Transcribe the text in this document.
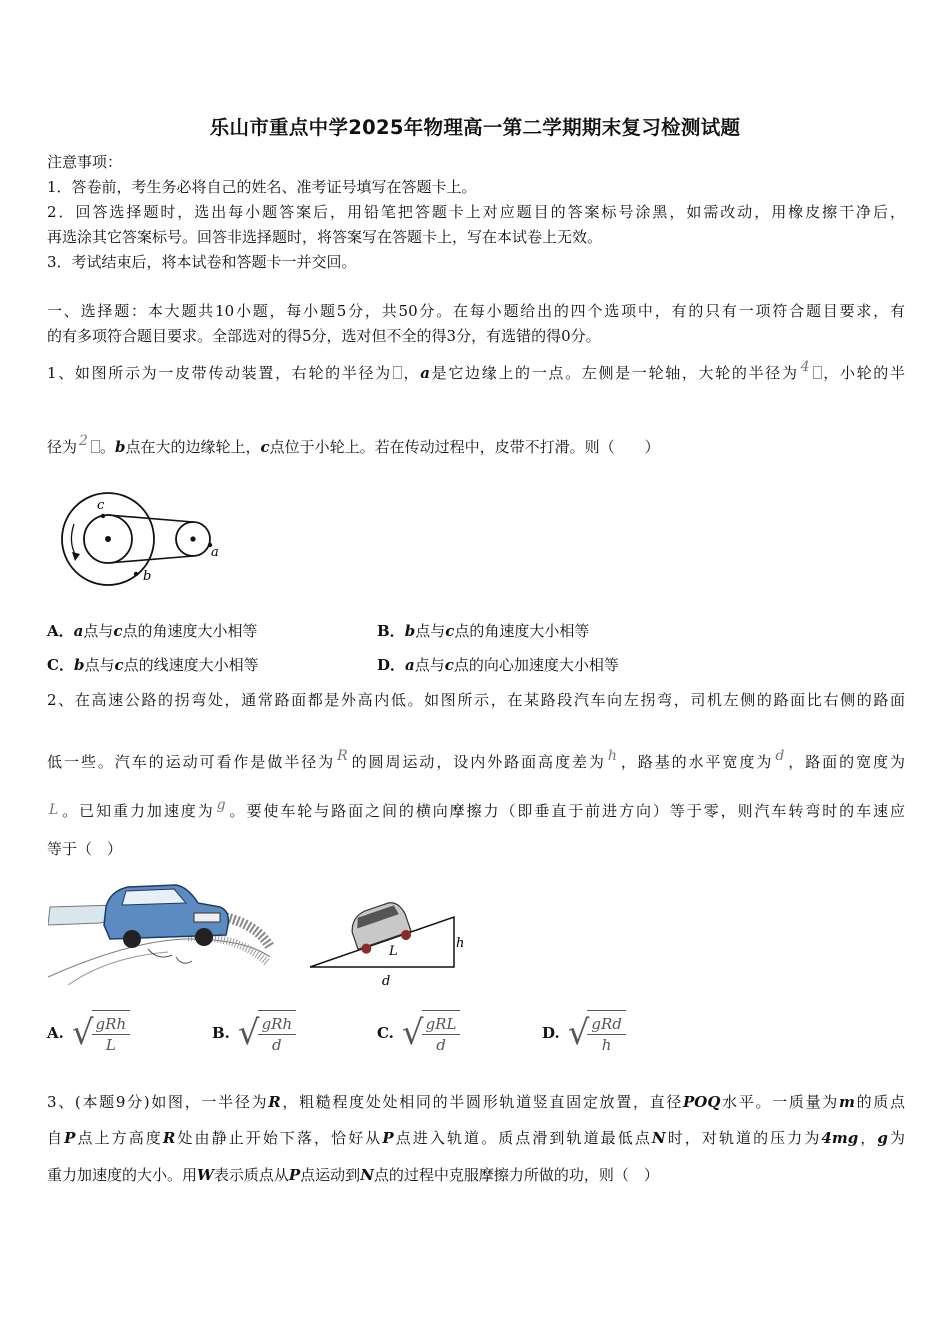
乐山市重点中学2025年物理高一第二学期期末复习检测试题
注意事项：
1．答卷前，考生务必将自己的姓名、准考证号填写在答题卡上。
2．回答选择题时，选出每小题答案后，用铅笔把答题卡上对应题目的答案标号涂黑，如需改动，用橡皮擦干净后，
再选涂其它答案标号。回答非选择题时，将答案写在答题卡上，写在本试卷上无效。
3．考试结束后，将本试卷和答题卡一并交回。
一、选择题：本大题共10小题，每小题5分，共50分。在每小题给出的四个选项中，有的只有一项符合题目要求，有
的有多项符合题目要求。全部选对的得5分，选对但不全的得3分，有选错的得0分。
1、如图所示为一皮带传动装置，右轮的半径为 ，a是它边缘上的一点。左侧是一轮轴，大轮的半径为 4 ，小轮的半
径为 2 。b点在大的边缘轮上，c点位于小轮上。若在传动过程中，皮带不打滑。则（　　）
c
b
a
A．a点与c点的角速度大小相等	B．b点与c点的角速度大小相等
C．b点与c点的线速度大小相等	D．a点与c点的向心加速度大小相等
2、在高速公路的拐弯处，通常路面都是外高内低。如图所示，在某路段汽车向左拐弯，司机左侧的路面比右侧的路面
低一些。汽车的运动可看作是做半径为 R 的圆周运动，设内外路面高度差为 h ，路基的水平宽度为 d ，路面的宽度为
L 。已知重力加速度为 g 。要使车轮与路面之间的横向摩擦力（即垂直于前进方向）等于零，则汽车转弯时的车速应
等于（　）
L
h
d
A. √
$\frac{\text{gRh}}{L}$	B. √
$\frac{\text{gRh}}{d}$	C. √
$\frac{\text{gRL}}{d}$	D. √
$\frac{\text{gRd}}{h}$
3、(本题9分)如图，一半径为R，粗糙程度处处相同的半圆形轨道竖直固定放置，直径POQ水平。一质量为m的质点
自P点上方高度R处由静止开始下落，恰好从P点进入轨道。质点滑到轨道最低点N时，对轨道的压力为4mg，g为
重力加速度的大小。用W表示质点从P点运动到N点的过程中克服摩擦力所做的功，则（　）
